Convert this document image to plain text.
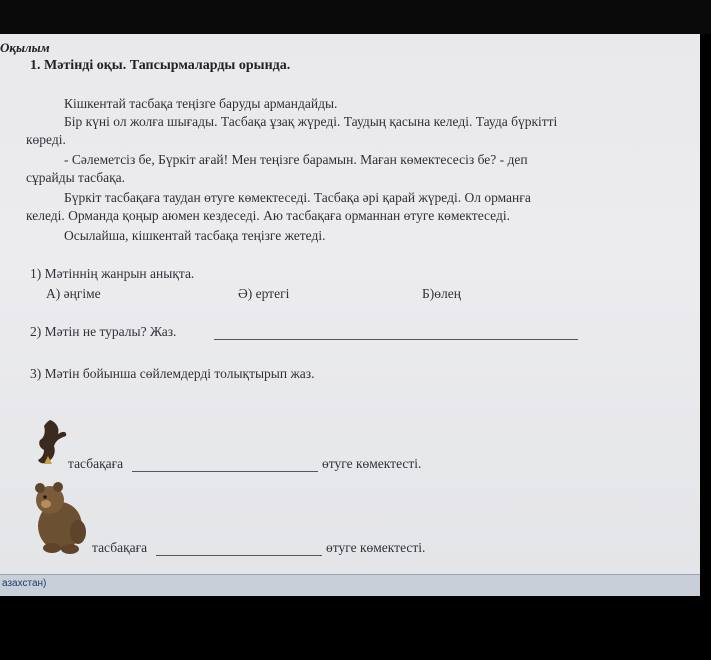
Оқылым
1. Мәтінді оқы. Тапсырмаларды орында.
Кішкентай тасбақа теңізге баруды армандайды.
Бір күні ол жолға шығады. Тасбақа ұзақ жүреді. Таудың қасына келеді. Тауда бүркітті
көреді.
- Сәлеметсіз бе, Бүркіт ағай! Мен теңізге барамын. Маған көмектесесіз бе? - деп
сұрайды тасбақа.
Бүркіт тасбақаға таудан өтуге көмектеседі. Тасбақа әрі қарай жүреді. Ол орманға
келеді. Орманда қоңыр аюмен кездеседі. Аю тасбақаға орманнан өтуге көмектеседі.
Осылайша, кішкентай тасбақа теңізге жетеді.
1) Мәтіннің жанрын анықта.
А) әңгіме	Ә) ертегі	Б)өлең
2) Мәтін не туралы? Жаз.
3) Мәтін бойынша сөйлемдерді толықтырып жаз.
тасбақаға	өтуге көмектесті.
тасбақаға	өтуге көмектесті.
азахстан)
